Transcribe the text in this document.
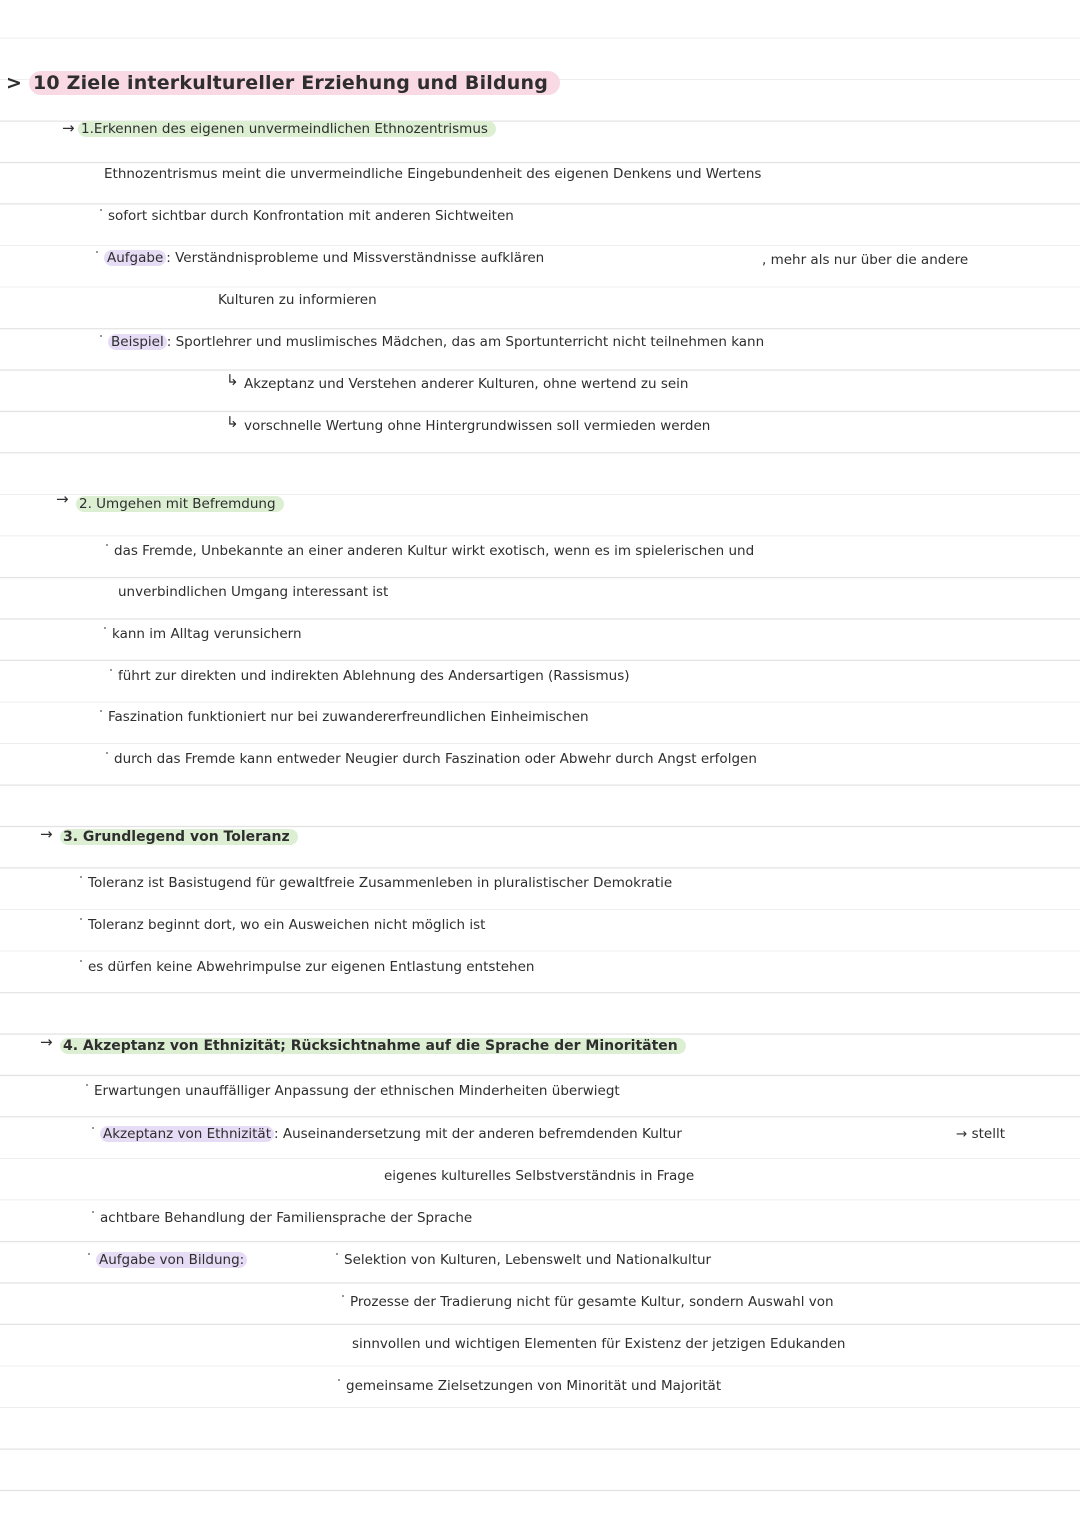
> 10 Ziele interkultureller Erziehung und Bildung
→ 1.Erkennen des eigenen unvermeindlichen Ethnozentrismus
Ethnozentrismus meint die unvermeindliche Eingebundenheit des eigenen Denkens und Wertens
sofort sichtbar durch Konfrontation mit anderen Sichtweiten
Aufgabe : Verständnisprobleme und Missverständnisse aufklären	, mehr als nur über die andere
Kulturen zu informieren
Beispiel : Sportlehrer und muslimisches Mädchen, das am Sportunterricht nicht teilnehmen kann
↳ Akzeptanz und Verstehen anderer Kulturen, ohne wertend zu sein
↳ vorschnelle Wertung ohne Hintergrundwissen soll vermieden werden
→ 2. Umgehen mit Befremdung
das Fremde, Unbekannte an einer anderen Kultur wirkt exotisch, wenn es im spielerischen und
unverbindlichen Umgang interessant ist
kann im Alltag verunsichern
führt zur direkten und indirekten Ablehnung des Andersartigen (Rassismus)
Faszination funktioniert nur bei zuwandererfreundlichen Einheimischen
durch das Fremde kann entweder Neugier durch Faszination oder Abwehr durch Angst erfolgen
→ 3. Grundlegend von Toleranz
Toleranz ist Basistugend für gewaltfreie Zusammenleben in pluralistischer Demokratie
Toleranz beginnt dort, wo ein Ausweichen nicht möglich ist
es dürfen keine Abwehrimpulse zur eigenen Entlastung entstehen
→ 4. Akzeptanz von Ethnizität; Rücksichtnahme auf die Sprache der Minoritäten
Erwartungen unauffälliger Anpassung der ethnischen Minderheiten überwiegt
Akzeptanz von Ethnizität : Auseinandersetzung mit der anderen befremdenden Kultur	→ stellt
eigenes kulturelles Selbstverständnis in Frage
achtbare Behandlung der Familiensprache der Sprache
Aufgabe von Bildung:	Selektion von Kulturen, Lebenswelt und Nationalkultur
Prozesse der Tradierung nicht für gesamte Kultur, sondern Auswahl von
sinnvollen und wichtigen Elementen für Existenz der jetzigen Edukanden
gemeinsame Zielsetzungen von Minorität und Majorität
